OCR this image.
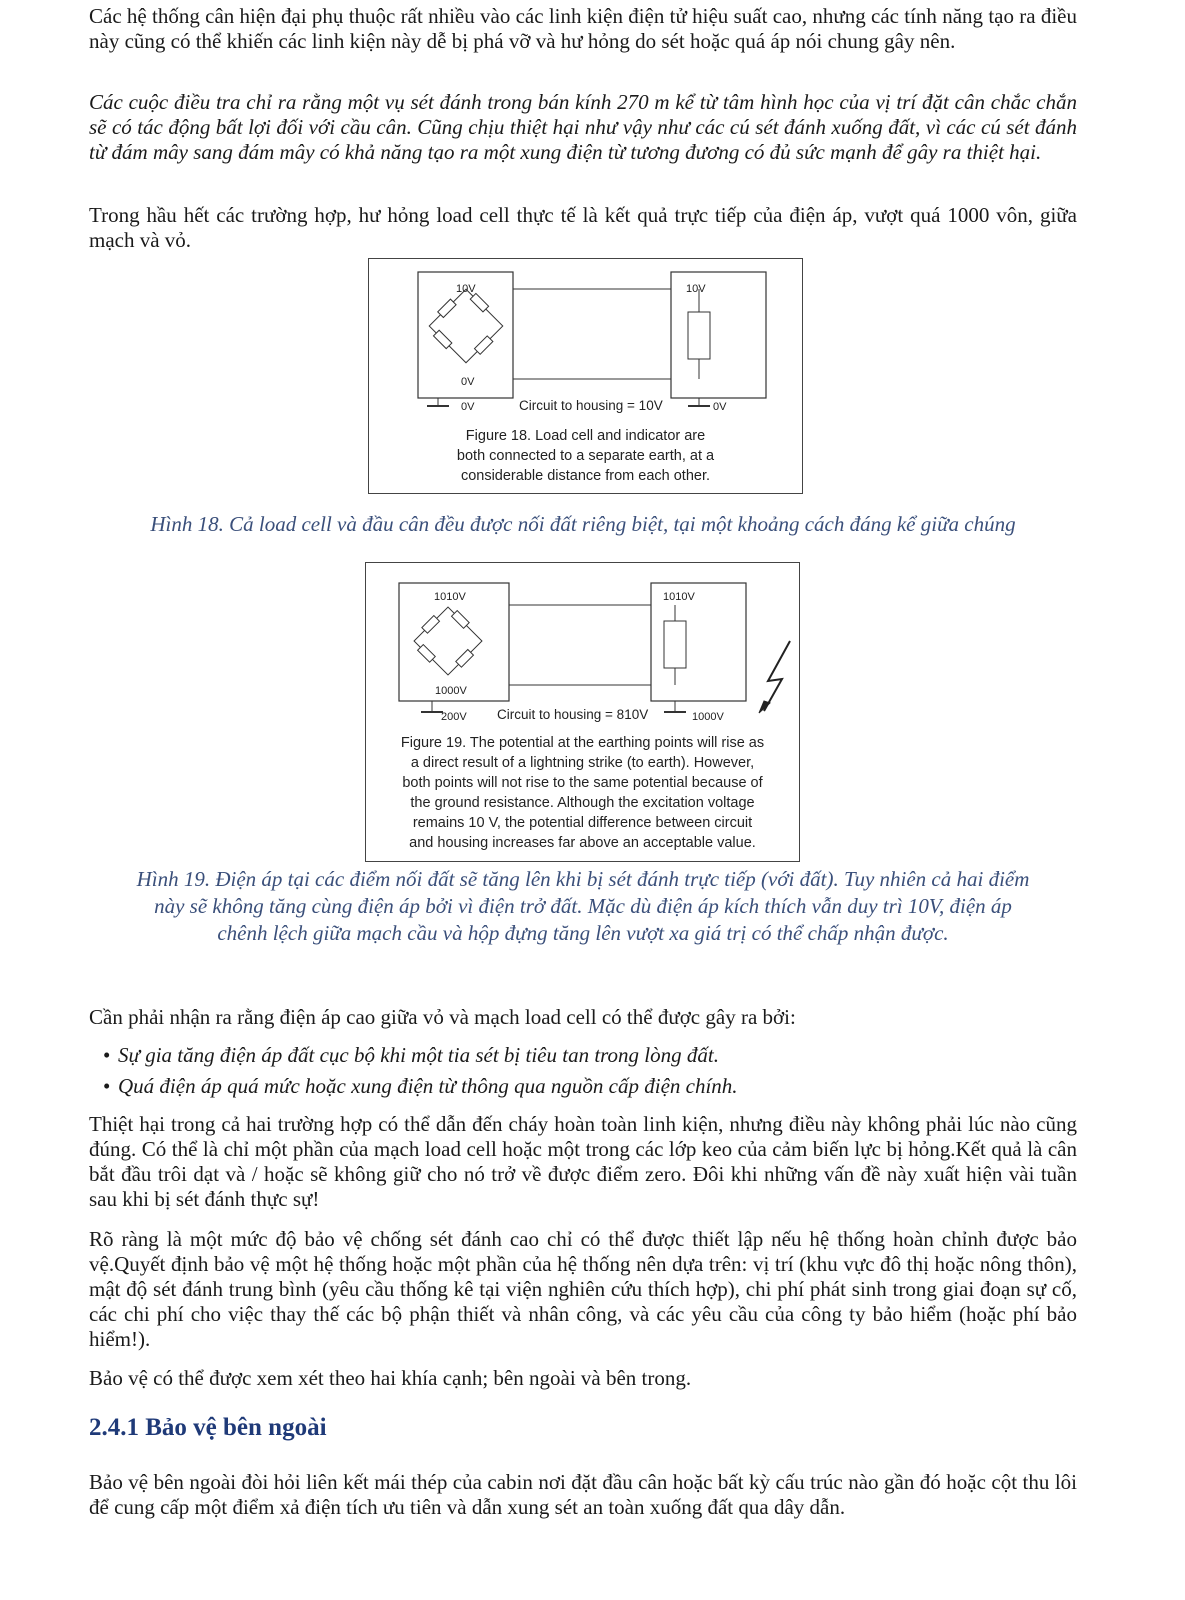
Các hệ thống cân hiện đại phụ thuộc rất nhiều vào các linh kiện điện tử hiệu suất cao, nhưng các tính năng tạo ra điều này cũng có thể khiến các linh kiện này dễ bị phá vỡ và hư hỏng do sét hoặc quá áp nói chung gây nên.

Các cuộc điều tra chỉ ra rằng một vụ sét đánh trong bán kính 270 m kể từ tâm hình học của vị trí đặt cân chắc chắn sẽ có tác động bất lợi đối với cầu cân. Cũng chịu thiệt hại như vậy như các cú sét đánh xuống đất, vì các cú sét đánh từ đám mây sang đám mây có khả năng tạo ra một xung điện từ tương đương có đủ sức mạnh để gây ra thiệt hại.

Trong hầu hết các trường hợp, hư hỏng load cell thực tế là kết quả trực tiếp của điện áp, vượt quá 1000 vôn, giữa mạch và vỏ.

10V	10V
0V
0V	0V
Circuit to housing = 10V
Figure 18. Load cell and indicator are
both connected to a separate earth, at a
considerable distance from each other.
Hình 18. Cả load cell và đầu cân đều được nối đất riêng biệt, tại một khoảng cách đáng kể giữa chúng
1010V	1010V
1000V
200V	1000V
Circuit to housing = 810V
Figure 19. The potential at the earthing points will rise as
a direct result of a lightning strike (to earth). However,
both points will not rise to the same potential because of
the ground resistance. Although the excitation voltage
remains 10 V, the potential difference between circuit
and housing increases far above an acceptable value.
Hình 19. Điện áp tại các điểm nối đất sẽ tăng lên khi bị sét đánh trực tiếp (với đất). Tuy nhiên cả hai điểm
này sẽ không tăng cùng điện áp bởi vì điện trở đất. Mặc dù điện áp kích thích vẫn duy trì 10V, điện áp
chênh lệch giữa mạch cầu và hộp đựng tăng lên vượt xa giá trị có thể chấp nhận được.

Cần phải nhận ra rằng điện áp cao giữa vỏ và mạch load cell có thể được gây ra bởi:

• Sự gia tăng điện áp đất cục bộ khi một tia sét bị tiêu tan trong lòng đất.
• Quá điện áp quá mức hoặc xung điện từ thông qua nguồn cấp điện chính.

Thiệt hại trong cả hai trường hợp có thể dẫn đến cháy hoàn toàn linh kiện, nhưng điều này không phải lúc nào cũng đúng. Có thể là chỉ một phần của mạch load cell hoặc một trong các lớp keo của cảm biến lực bị hỏng.Kết quả là cân bắt đầu trôi dạt và / hoặc sẽ không giữ cho nó trở về được điểm zero. Đôi khi những vấn đề này xuất hiện vài tuần sau khi bị sét đánh thực sự!

Rõ ràng là một mức độ bảo vệ chống sét đánh cao chỉ có thể được thiết lập nếu hệ thống hoàn chỉnh được bảo vệ.Quyết định bảo vệ một hệ thống hoặc một phần của hệ thống nên dựa trên: vị trí (khu vực đô thị hoặc nông thôn), mật độ sét đánh trung bình (yêu cầu thống kê tại viện nghiên cứu thích hợp), chi phí phát sinh trong giai đoạn sự cố, các chi phí cho việc thay thế các bộ phận thiết và nhân công, và các yêu cầu của công ty bảo hiểm (hoặc phí bảo hiểm!).

Bảo vệ có thể được xem xét theo hai khía cạnh; bên ngoài và bên trong.

2.4.1 Bảo vệ bên ngoài

Bảo vệ bên ngoài đòi hỏi liên kết mái thép của cabin nơi đặt đầu cân hoặc bất kỳ cấu trúc nào gần đó hoặc cột thu lôi để cung cấp một điểm xả điện tích ưu tiên và dẫn xung sét an toàn xuống đất qua dây dẫn.
